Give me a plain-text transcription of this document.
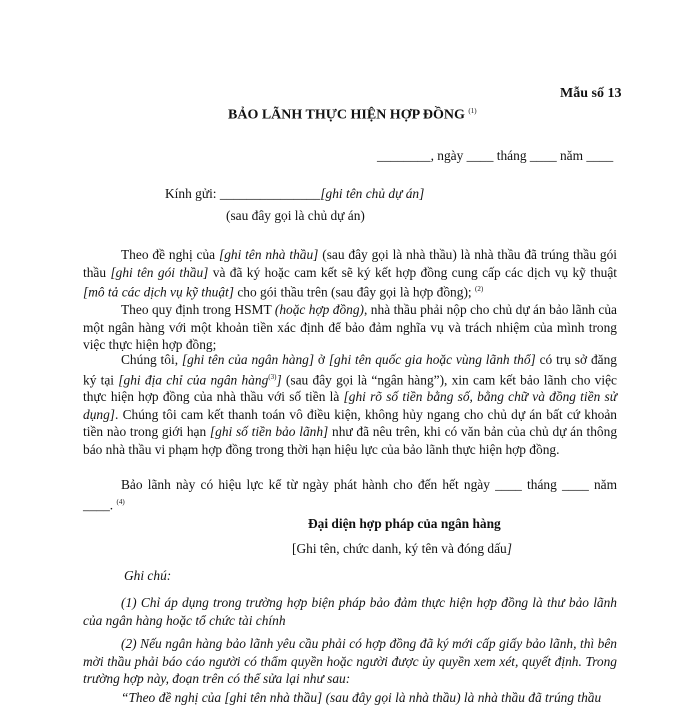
Mẫu số 13
BẢO LÃNH THỰC HIỆN HỢP ĐỒNG $^{(1)}$
________, ngày ____ tháng ____ năm ____
Kính gửi: _______________[ghi tên chủ dự án]
(sau đây gọi là chủ dự án)
Theo đề nghị của [ghi tên nhà thầu] (sau đây gọi là nhà thầu) là nhà thầu đã trúng thầu gói thầu [ghi tên gói thầu] và đã ký hoặc cam kết sẽ ký kết hợp đồng cung cấp các dịch vụ kỹ thuật [mô tả các dịch vụ kỹ thuật] cho gói thầu trên (sau đây gọi là hợp đồng); $^{(2)}$
Theo quy định trong HSMT (hoặc hợp đồng), nhà thầu phải nộp cho chủ dự án bảo lãnh của một ngân hàng với một khoản tiền xác định để bảo đảm nghĩa vụ và trách nhiệm của mình trong việc thực hiện hợp đồng;
Chúng tôi, [ghi tên của ngân hàng] ở [ghi tên quốc gia hoặc vùng lãnh thổ] có trụ sở đăng ký tại [ghi địa chỉ của ngân hàng$^{(3)}$] (sau đây gọi là “ngân hàng”), xin cam kết bảo lãnh cho việc thực hiện hợp đồng của nhà thầu với số tiền là [ghi rõ số tiền bằng số, bằng chữ và đồng tiền sử dụng]. Chúng tôi cam kết thanh toán vô điều kiện, không hủy ngang cho chủ dự án bất cứ khoản tiền nào trong giới hạn [ghi số tiền bảo lãnh] như đã nêu trên, khi có văn bản của chủ dự án thông báo nhà thầu vi phạm hợp đồng trong thời hạn hiệu lực của bảo lãnh thực hiện hợp đồng.
Bảo lãnh này có hiệu lực kể từ ngày phát hành cho đến hết ngày ____ tháng ____ năm ____. $^{(4)}$
Đại diện hợp pháp của ngân hàng
[Ghi tên, chức danh, ký tên và đóng dấu]
Ghi chú:
(1) Chỉ áp dụng trong trường hợp biện pháp bảo đảm thực hiện hợp đồng là thư bảo lãnh của ngân hàng hoặc tổ chức tài chính
(2) Nếu ngân hàng bảo lãnh yêu cầu phải có hợp đồng đã ký mới cấp giấy bảo lãnh, thì bên mời thầu phải báo cáo người có thẩm quyền hoặc người được ủy quyền xem xét, quyết định. Trong trường hợp này, đoạn trên có thể sửa lại như sau:
“Theo đề nghị của [ghi tên nhà thầu] (sau đây gọi là nhà thầu) là nhà thầu đã trúng thầu
